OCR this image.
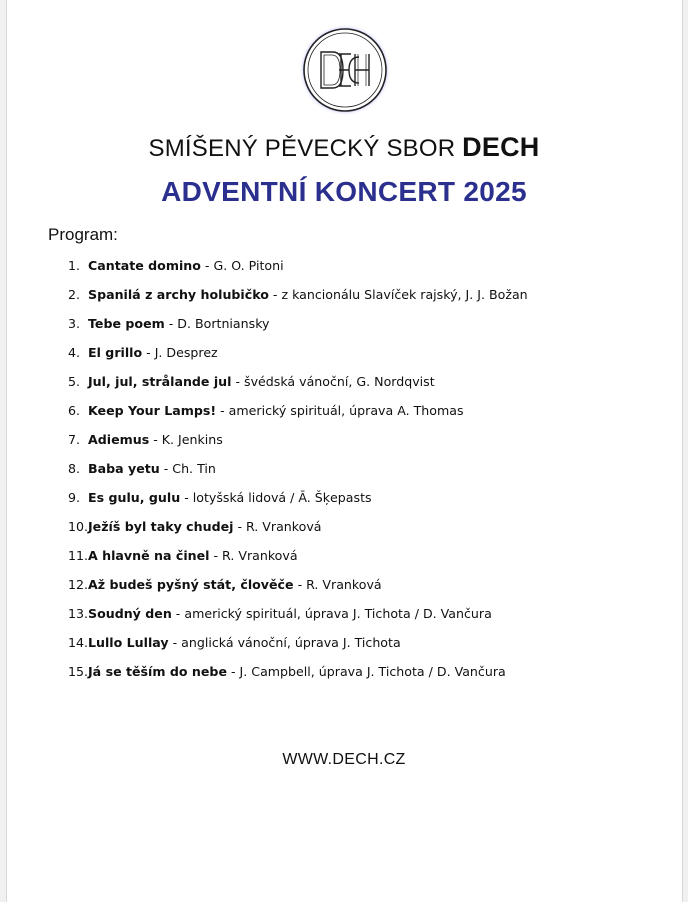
DECH
SMÍŠENÝ PĚVECKÝ SBOR DECH
ADVENTNÍ KONCERT 2025
Program:
1. Cantate domino - G. O. Pitoni
2. Spanilá z archy holubičko - z kancionálu Slavíček rajský, J. J. Božan
3. Tebe poem - D. Bortniansky
4. El grillo - J. Desprez
5. Jul, jul, strålande jul - švédská vánoční, G. Nordqvist
6. Keep Your Lamps! - americký spirituál, úprava A. Thomas
7. Adiemus - K. Jenkins
8. Baba yetu - Ch. Tin
9. Es gulu, gulu - lotyšská lidová / Ā. Šķepasts
10. Ježíš byl taky chudej - R. Vranková
11. A hlavně na činel - R. Vranková
12. Až budeš pyšný stát, člověče - R. Vranková
13. Soudný den - americký spirituál, úprava J. Tichota / D. Vančura
14. Lullo Lullay - anglická vánoční, úprava J. Tichota
15. Já se těším do nebe - J. Campbell, úprava J. Tichota / D. Vančura
WWW.DECH.CZ
